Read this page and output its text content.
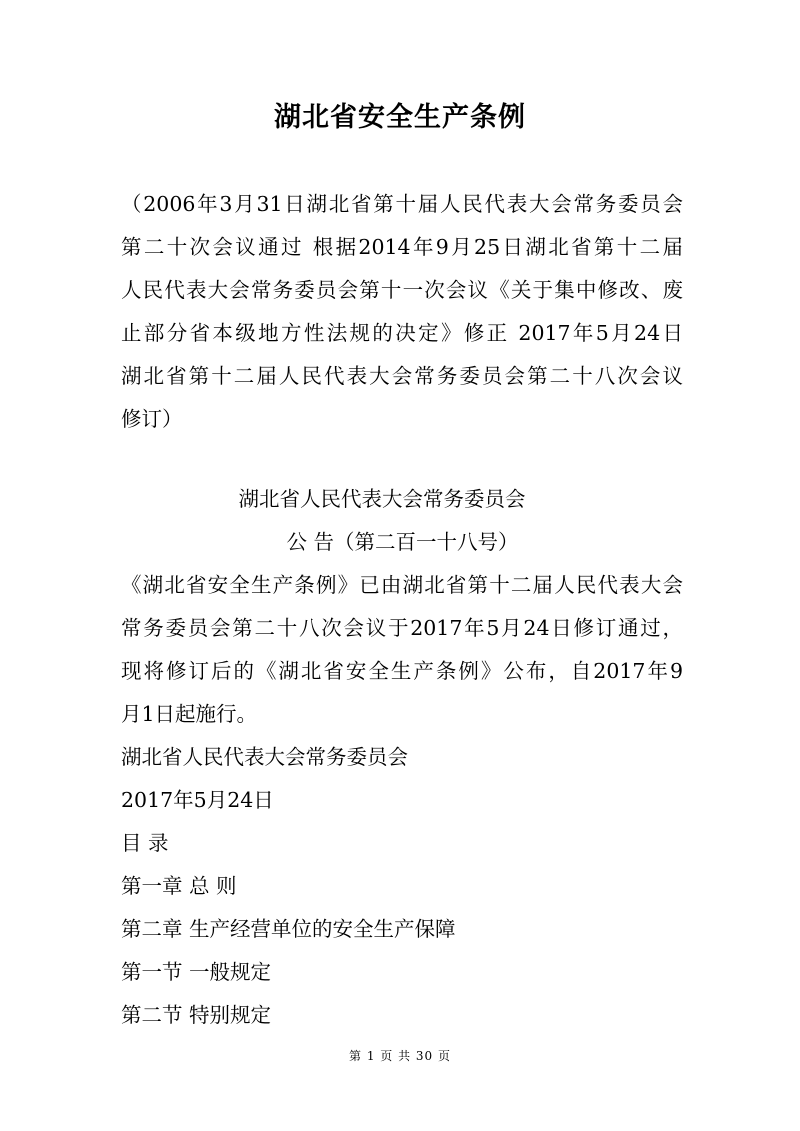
湖北省安全生产条例
（2006年3月31日湖北省第十届人民代表大会常务委员会
第二十次会议通过 根据2014年9月25日湖北省第十二届
人民代表大会常务委员会第十一次会议《关于集中修改、废
止部分省本级地方性法规的决定》修正 2017年5月24日
湖北省第十二届人民代表大会常务委员会第二十八次会议
修订）
湖北省人民代表大会常务委员会
公 告（第二百一十八号）
《湖北省安全生产条例》已由湖北省第十二届人民代表大会
常务委员会第二十八次会议于2017年5月24日修订通过，
现将修订后的《湖北省安全生产条例》公布，自2017年9
月1日起施行。
湖北省人民代表大会常务委员会
2017年5月24日
目 录
第一章 总 则
第二章 生产经营单位的安全生产保障
第一节 一般规定
第二节 特别规定
第 1 页 共 30 页
